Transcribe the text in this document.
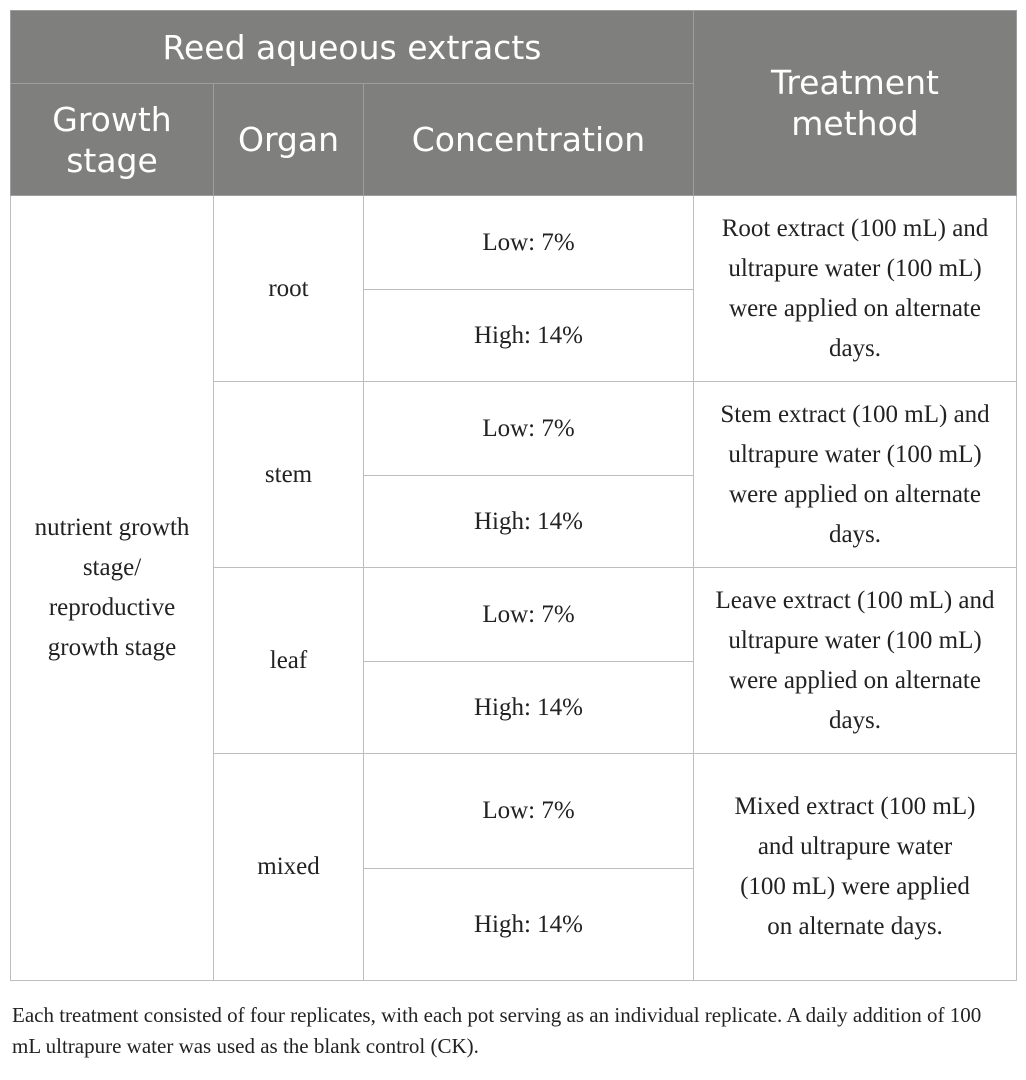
Reed aqueous extracts			Treatment method
Growth stage	Organ	Concentration	
nutrient growth stage/ reproductive growth stage	root	Low: 7%	Root extract (100 mL) and ultrapure water (100 mL) were applied on alternate days.
		High: 14%	
	stem	Low: 7%	Stem extract (100 mL) and ultrapure water (100 mL) were applied on alternate days.
		High: 14%	
	leaf	Low: 7%	Leave extract (100 mL) and ultrapure water (100 mL) were applied on alternate days.
		High: 14%	
	mixed	Low: 7%	Mixed extract (100 mL) and ultrapure water (100 mL) were applied on alternate days.
		High: 14%	
Each treatment consisted of four replicates, with each pot serving as an individual replicate. A daily addition of 100 mL ultrapure water was used as the blank control (CK).
